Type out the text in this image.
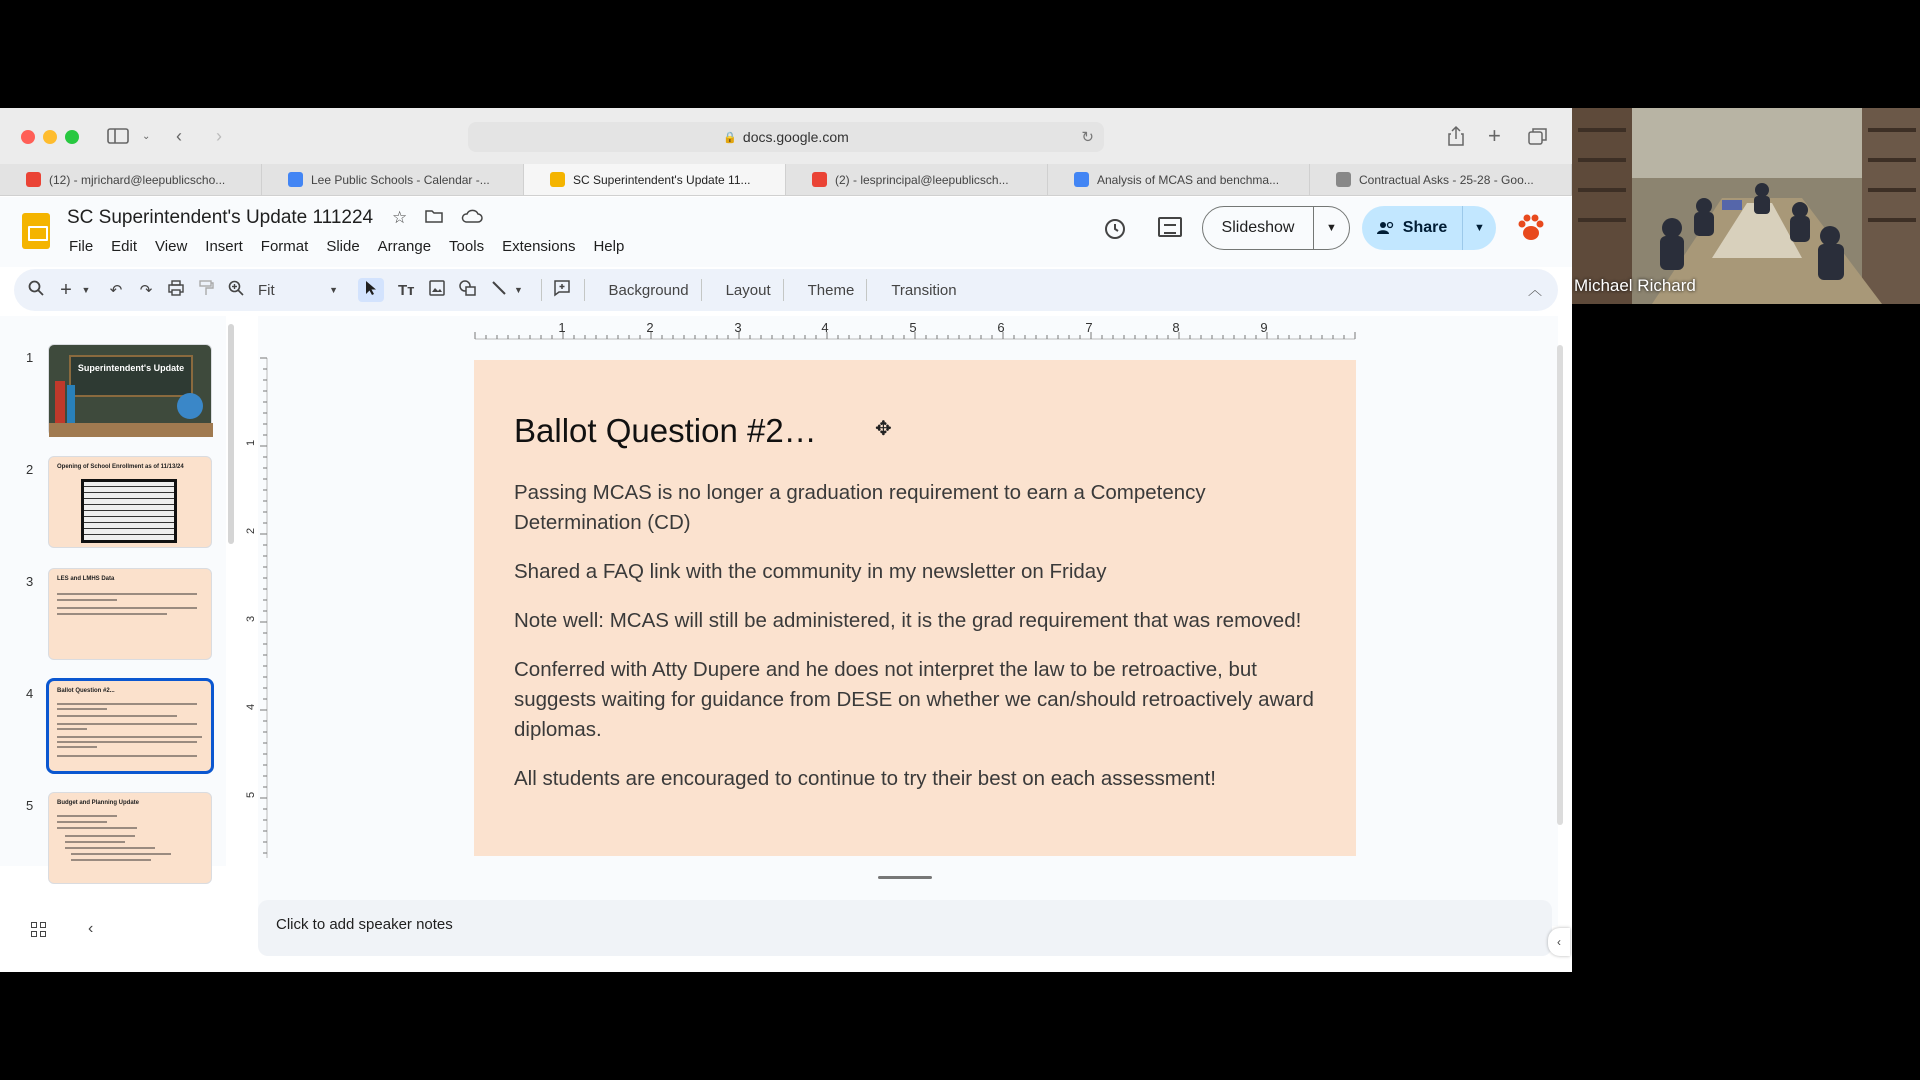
⌄ ‹ ›	🔒 docs.google.com	↻	+
(12) - mjrichard@leepublicscho...	Lee Public Schools - Calendar -...	SC Superintendent's Update 11...	(2) - lesprincipal@leepublicsch...	Analysis of MCAS and benchma...	Contractual Asks - 25-28 - Goo...
SC Superintendent's Update 111224 ☆
File	Edit	View	Insert	Format	Slide	Arrange	Tools	Extensions	Help
Slideshow	▼	Share	▼
+	▼ ↶ ↷	Fit	▼	Tт	▼	Background	Layout	Theme	Transition	︿
1
Superintendent's Update
2	Opening of School Enrollment as of 11/13/24
3	LES and LMHS Data
4	Ballot Question #2...
5	Budget and Planning Update
‹
1	2	3	4	5	6	7	8	9
1
2
3
4
5
Ballot Question #2…

Passing MCAS is no longer a graduation requirement to earn a Competency Determination (CD)

Shared a FAQ link with the community in my newsletter on Friday

Note well: MCAS will still be administered, it is the grad requirement that was removed!

Conferred with Atty Dupere and he does not interpret the law to be retroactive, but suggests waiting for guidance from DESE on whether we can/should retroactively award diplomas.

All students are encouraged to continue to try their best on each assessment!

✥
Click to add speaker notes
‹
Michael Richard
